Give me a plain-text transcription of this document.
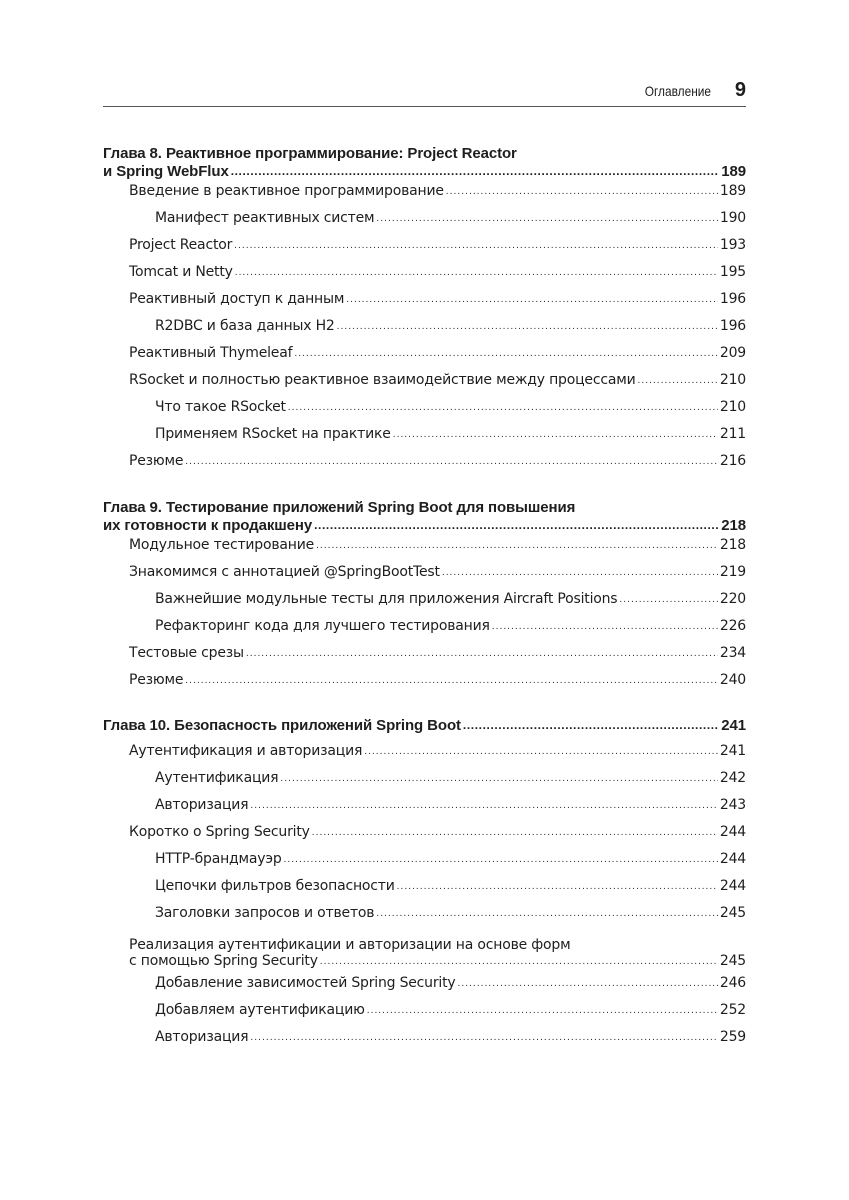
Оглавление 9
Глава 8. Реактивное программирование: Project Reactor
и Spring WebFlux .....	189
Введение в реактивное программирование .....	189
Манифест реактивных систем .....	190
Project Reactor .....	193
Tomcat и Netty .....	195
Реактивный доступ к данным .....	196
R2DBC и база данных H2 .....	196
Реактивный Thymeleaf .....	209
RSocket и полностью реактивное взаимодействие между процессами .....	210
Что такое RSocket .....	210
Применяем RSocket на практике .....	211
Резюме .....	216
Глава 9. Тестирование приложений Spring Boot для повышения
их готовности к продакшену .....	218
Модульное тестирование .....	218
Знакомимся с аннотацией @SpringBootTest .....	219
Важнейшие модульные тесты для приложения Aircraft Positions .....	220
Рефакторинг кода для лучшего тестирования .....	226
Тестовые срезы .....	234
Резюме .....	240
Глава 10. Безопасность приложений Spring Boot .....	241
Аутентификация и авторизация .....	241
Аутентификация .....	242
Авторизация .....	243
Коротко о Spring Security .....	244
HTTP-брандмауэр .....	244
Цепочки фильтров безопасности .....	244
Заголовки запросов и ответов .....	245
Реализация аутентификации и авторизации на основе форм
с помощью Spring Security .....	245
Добавление зависимостей Spring Security .....	246
Добавляем аутентификацию .....	252
Авторизация .....	259
